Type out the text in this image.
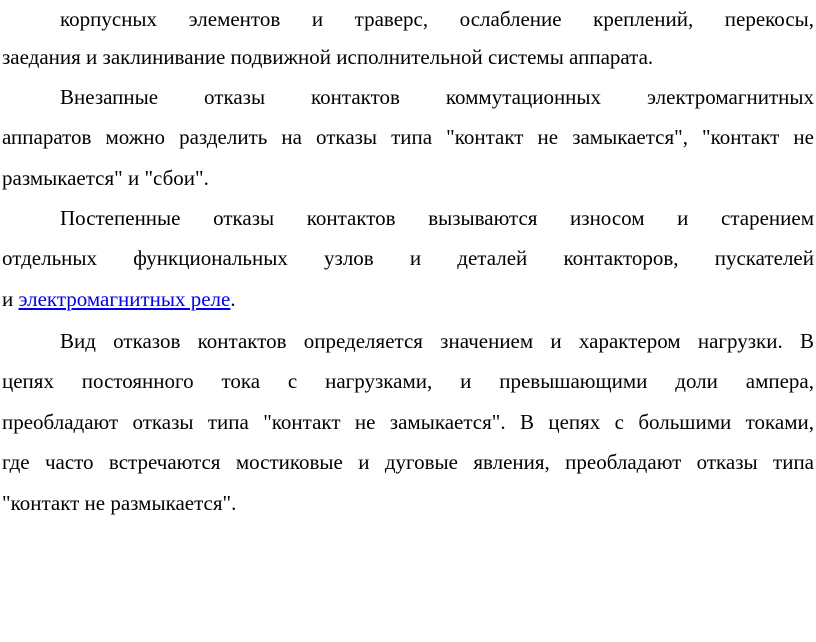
корпусных элементов и траверс, ослабление креплений, перекосы,
заедания и заклинивание подвижной исполнительной системы аппарата.
Внезапные отказы контактов коммутационных электромагнитных
аппаратов можно разделить на отказы типа "контакт не замыкается", "контакт не
размыкается" и "сбои".
Постепенные отказы контактов вызываются износом и старением
отдельных функциональных узлов и деталей контакторов, пускателей
и электромагнитных реле.
Вид отказов контактов определяется значением и характером нагрузки. В
цепях постоянного тока с нагрузками, и превышающими доли ампера,
преобладают отказы типа "контакт не замыкается". В цепях с большими токами,
где часто встречаются мостиковые и дуговые явления, преобладают отказы типа
"контакт не размыкается".
